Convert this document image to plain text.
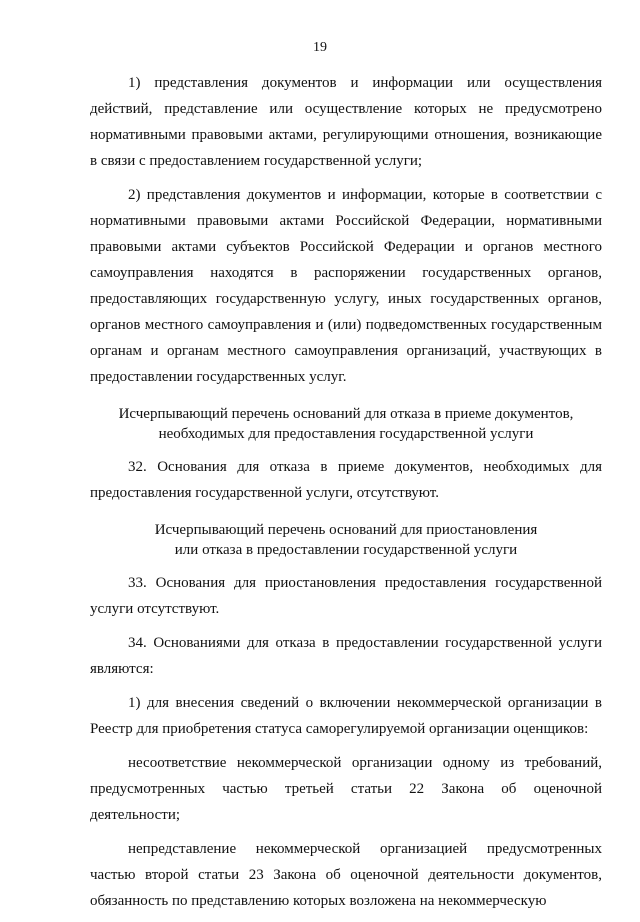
19

1) представления документов и информации или осуществления действий, представление или осуществление которых не предусмотрено нормативными правовыми актами, регулирующими отношения, возникающие в связи с предоставлением государственной услуги;

2) представления документов и информации, которые в соответствии с нормативными правовыми актами Российской Федерации, нормативными правовыми актами субъектов Российской Федерации и органов местного самоуправления находятся в распоряжении государственных органов, предоставляющих государственную услугу, иных государственных органов, органов местного самоуправления и (или) подведомственных государственным органам и органам местного самоуправления организаций, участвующих в предоставлении государственных услуг.

Исчерпывающий перечень оснований для отказа в приеме документов,
необходимых для предоставления государственной услуги

32. Основания для отказа в приеме документов, необходимых для предоставления государственной услуги, отсутствуют.

Исчерпывающий перечень оснований для приостановления
или отказа в предоставлении государственной услуги

33. Основания для приостановления предоставления государственной услуги отсутствуют.

34. Основаниями для отказа в предоставлении государственной услуги являются:

1) для внесения сведений о включении некоммерческой организации в Реестр для приобретения статуса саморегулируемой организации оценщиков:

несоответствие некоммерческой организации одному из требований, предусмотренных частью третьей статьи 22 Закона об оценочной деятельности;

непредставление некоммерческой организацией предусмотренных частью второй статьи 23 Закона об оценочной деятельности документов, обязанность по представлению которых возложена на некоммерческую
